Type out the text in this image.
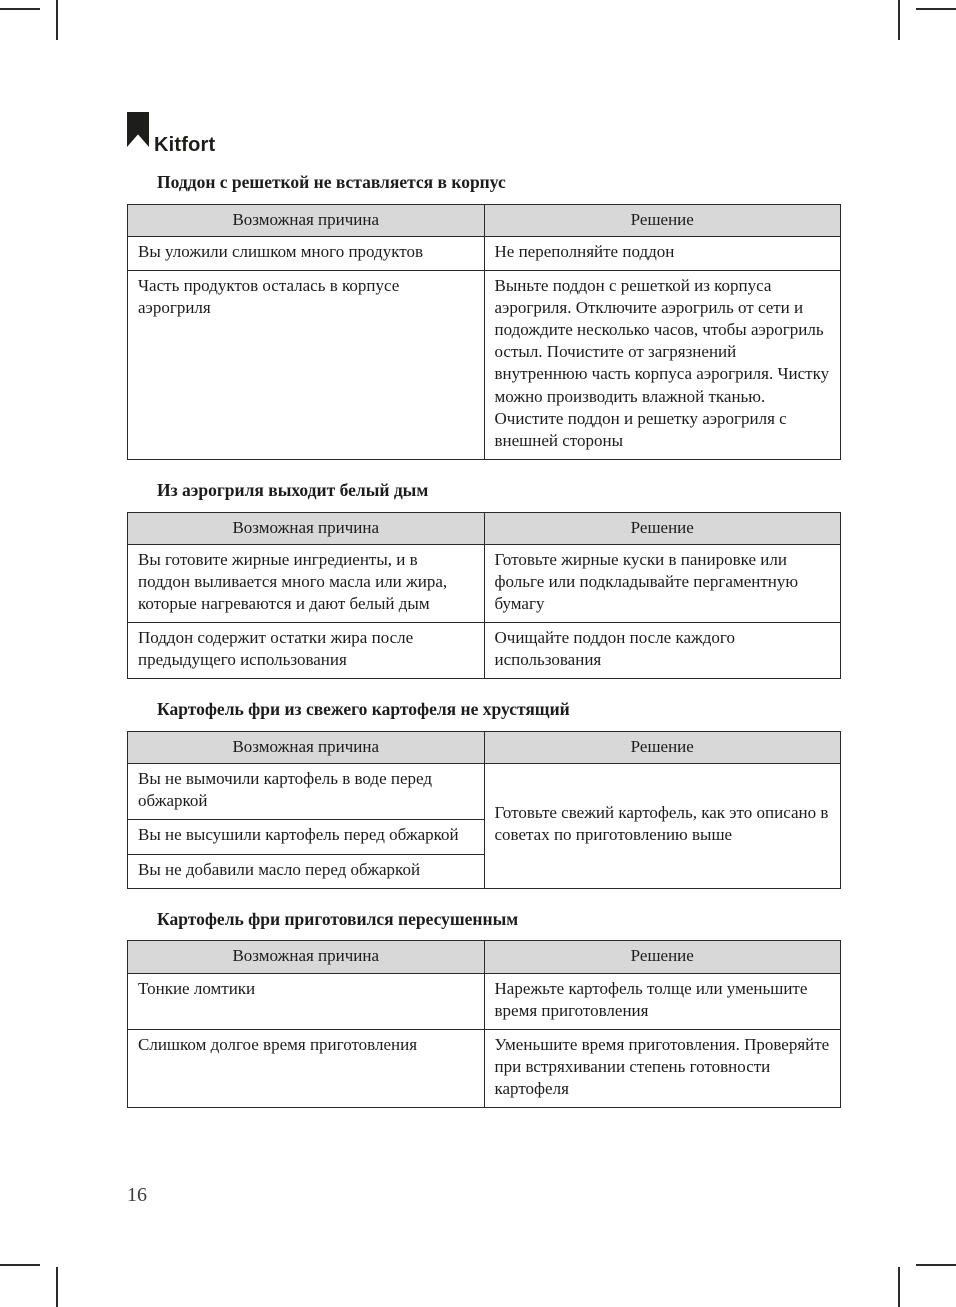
Kitfort
Поддон с решеткой не вставляется в корпус
Возможная причина	Решение
Вы уложили слишком много продуктов	Не переполняйте поддон
Часть продуктов осталась в корпусе аэрогриля	Выньте поддон с решеткой из корпуса аэрогриля. Отключите аэрогриль от сети и подождите несколько часов, чтобы аэрогриль остыл. Почистите от загрязнений внутреннюю часть корпуса аэрогриля. Чистку можно производить влажной тканью. Очистите поддон и решетку аэрогриля с внешней стороны
Из аэрогриля выходит белый дым
Возможная причина	Решение
Вы готовите жирные ингредиенты, и в поддон выливается много масла или жира, которые нагреваются и дают белый дым	Готовьте жирные куски в панировке или фольге или подкладывайте пергаментную бумагу
Поддон содержит остатки жира после предыдущего использования	Очищайте поддон после каждого использования
Картофель фри из свежего картофеля не хрустящий
Возможная причина	Решение
Вы не вымочили картофель в воде перед обжаркой	Готовьте свежий картофель, как это описано в советах по приготовлению выше
Вы не высушили картофель перед обжаркой	
Вы не добавили масло перед обжаркой	
Картофель фри приготовился пересушенным
Возможная причина	Решение
Тонкие ломтики	Нарежьте картофель толще или уменьшите время приготовления
Слишком долгое время приготовления	Уменьшите время приготовления. Проверяйте при встряхивании степень готовности картофеля
16
